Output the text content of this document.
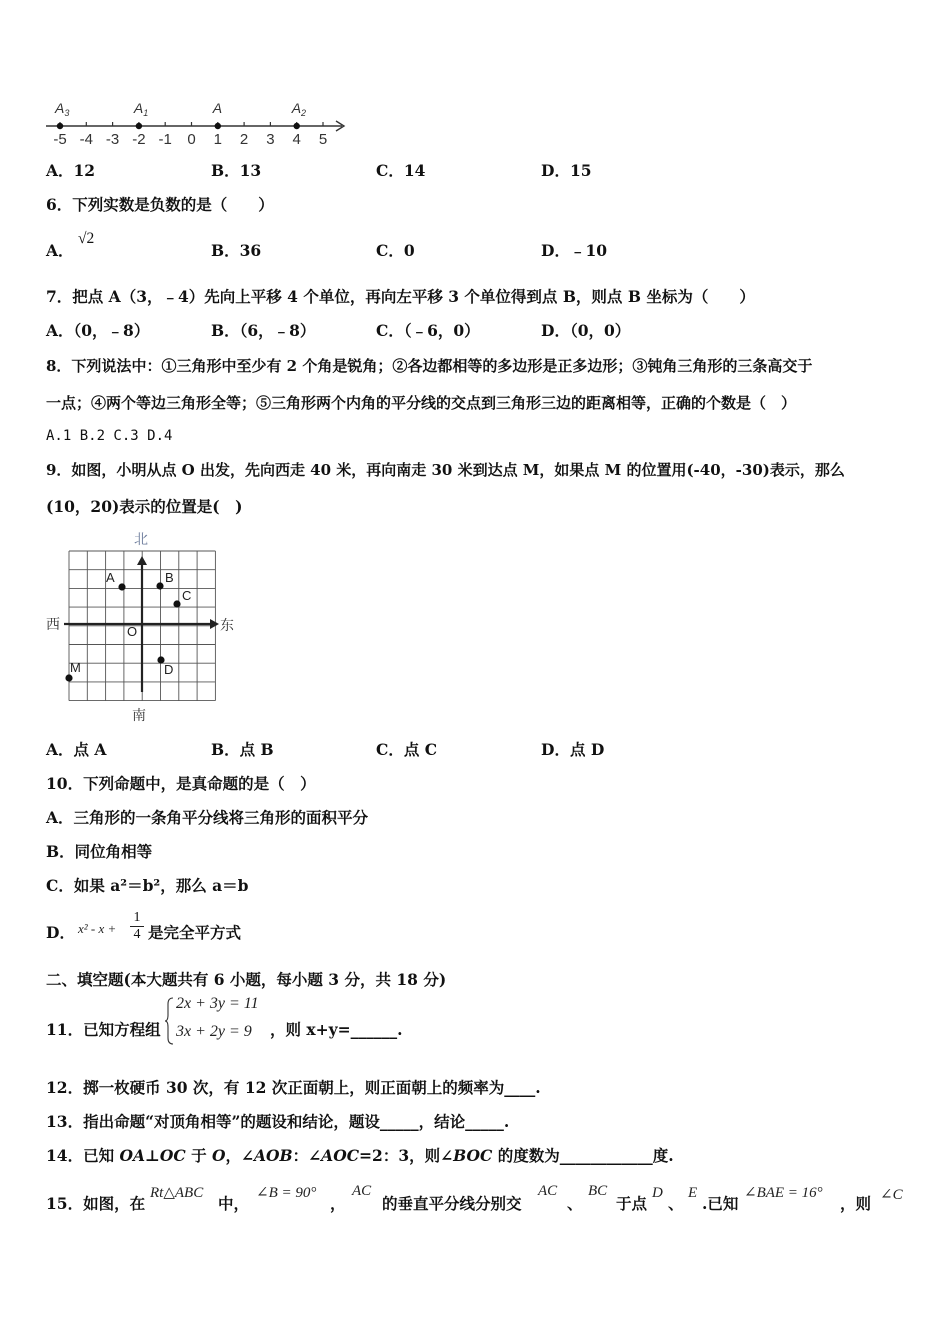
-5 -4 -3 -2 -1 0 1 2 3 4 5
$A_3$	$A_1$	A	$A_2$
A．12	B．13	C．14	D．15
6．下列实数是负数的是（　　）
A．
√2
B．36	C．0	D．﹣10
7．把点 A（3，﹣4）先向上平移 4 个单位，再向左平移 3 个单位得到点 B，则点 B 坐标为（　　）
A．（0，﹣8）	B．（6，﹣8）	C．（﹣6，0）	D．（0，0）
8．下列说法中：①三角形中至少有 2 个角是锐角；②各边都相等的多边形是正多边形；③钝角三角形的三条高交于
一点；④两个等边三角形全等；⑤三角形两个内角的平分线的交点到三角形三边的距离相等，正确的个数是（　）
A.1 B.2 C.3 D.4
9．如图，小明从点 O 出发，先向西走 40 米，再向南走 30 米到达点 M，如果点 M 的位置用(-40，-30)表示，那么
(10，20)表示的位置是(　)
北
南
西	东
A	B
C
D
M
O
A．点 A	B．点 B	C．点 C	D．点 D
10．下列命题中，是真命题的是（　）
A．三角形的一条角平分线将三角形的面积平分
B．同位角相等
C．如果 a²＝b²，那么 a＝b
D． x² - x +
1
4 是完全平方式
二、填空题(本大题共有 6 小题，每小题 3 分，共 18 分)
11．已知方程组
2x + 3y = 11
3x + 2y = 9 ，则 x+y=______.
12．掷一枚硬币 30 次，有 12 次正面朝上，则正面朝上的频率为____.
13．指出命题“对顶角相等”的题设和结论，题设_____，结论_____.
14．已知 OA⊥OC 于 O，∠AOB：∠AOC=2：3，则∠BOC 的度数为____________度.
15．如图，在
Rt△ABC
中，
∠B = 90°
，
AC
的垂直平分线分别交
AC
、
BC
于点
D
、
E
.已知
∠BAE = 16°
，则 ∠C
